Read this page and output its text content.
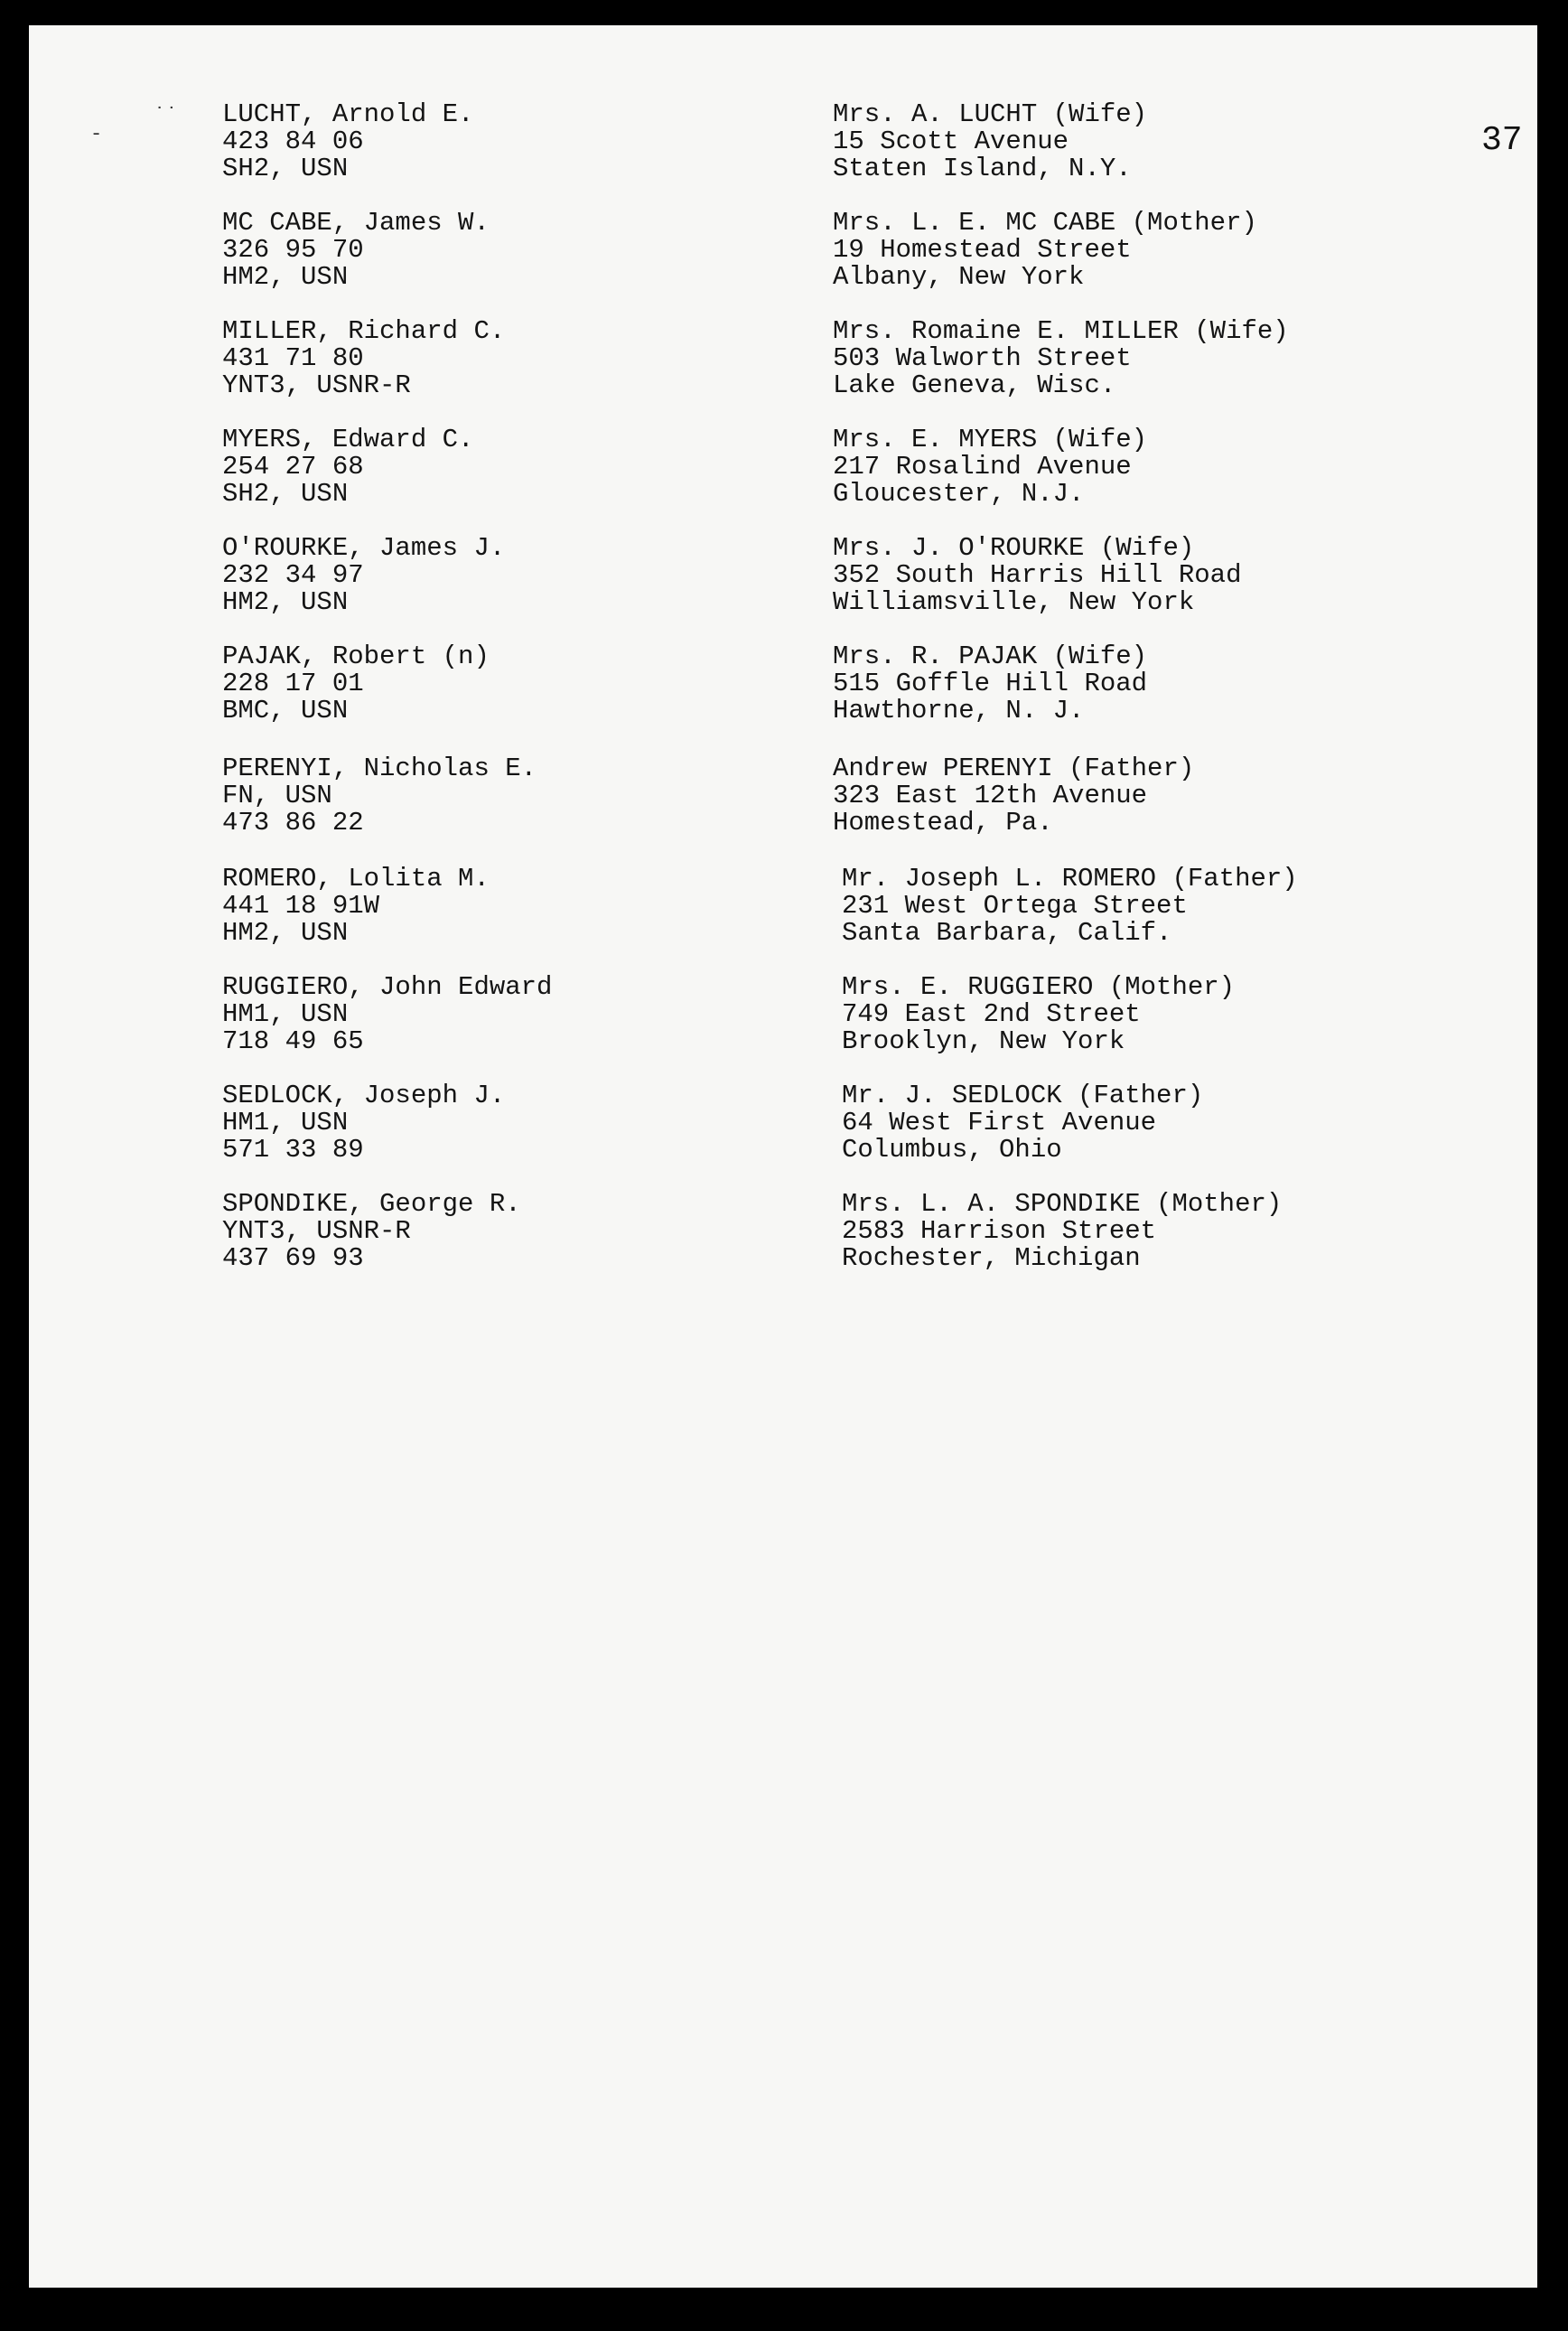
37
˙˙
-
LUCHT, Arnold E.
423 84 06
SH2, USN
Mrs. A. LUCHT (Wife)
15 Scott Avenue
Staten Island, N.Y.
MC CABE, James W.
326 95 70
HM2, USN
Mrs. L. E. MC CABE (Mother)
19 Homestead Street
Albany, New York
MILLER, Richard C.
431 71 80
YNT3, USNR-R
Mrs. Romaine E. MILLER (Wife)
503 Walworth Street
Lake Geneva, Wisc.
MYERS, Edward C.
254 27 68
SH2, USN
Mrs. E. MYERS (Wife)
217 Rosalind Avenue
Gloucester, N.J.
O'ROURKE, James J.
232 34 97
HM2, USN
Mrs. J. O'ROURKE (Wife)
352 South Harris Hill Road
Williamsville, New York
PAJAK, Robert (n)
228 17 01
BMC, USN
Mrs. R. PAJAK (Wife)
515 Goffle Hill Road
Hawthorne, N. J.
PERENYI, Nicholas E.
FN, USN
473 86 22
Andrew PERENYI (Father)
323 East 12th Avenue
Homestead, Pa.
ROMERO, Lolita M.
441 18 91W
HM2, USN
Mr. Joseph L. ROMERO (Father)
231 West Ortega Street
Santa Barbara, Calif.
RUGGIERO, John Edward
HM1, USN
718 49 65
Mrs. E. RUGGIERO (Mother)
749 East 2nd Street
Brooklyn, New York
SEDLOCK, Joseph J.
HM1, USN
571 33 89
Mr. J. SEDLOCK (Father)
64 West First Avenue
Columbus, Ohio
SPONDIKE, George R.
YNT3, USNR-R
437 69 93
Mrs. L. A. SPONDIKE (Mother)
2583 Harrison Street
Rochester, Michigan
